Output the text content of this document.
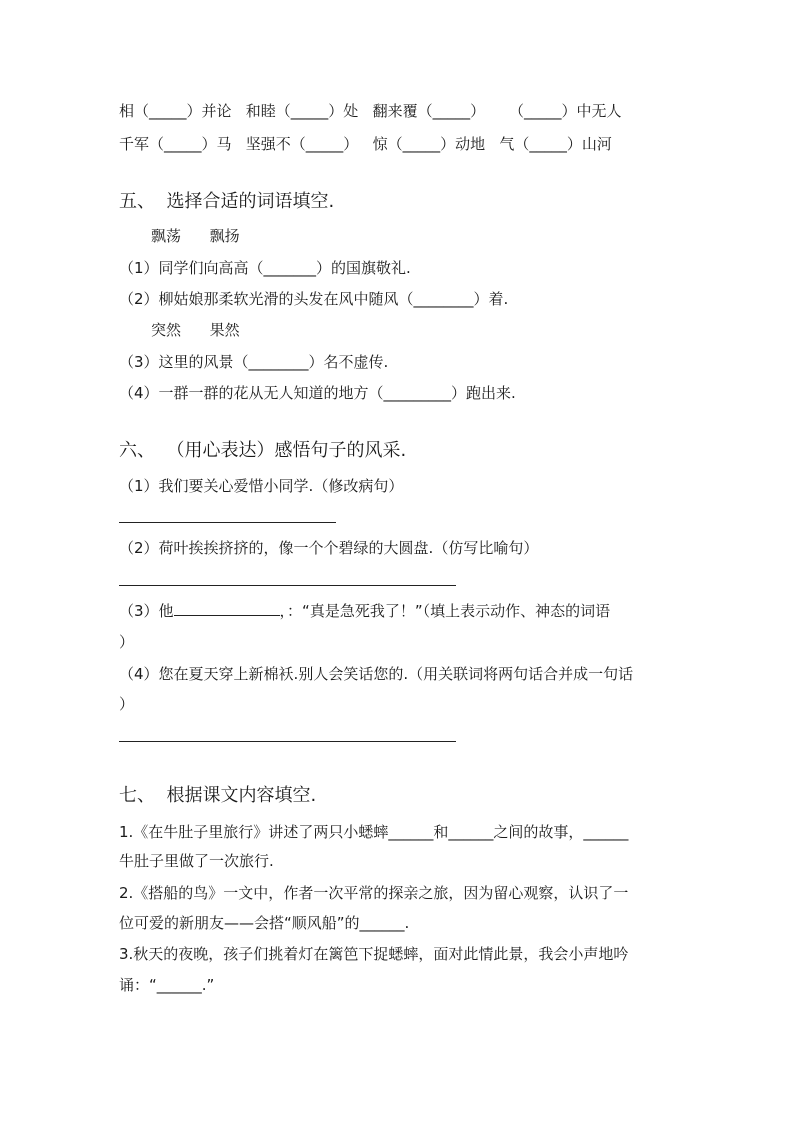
相（_____）并论   和睦（_____）处   翻来覆（_____）     （_____）中无人
千军（_____）马   坚强不（_____）   惊（_____）动地   气（_____）山河
五、  选择合适的词语填空.
飘荡      飘扬
（1）同学们向高高（_______）的国旗敬礼.
（2）柳姑娘那柔软光滑的头发在风中随风（________）着.
突然      果然
（3）这里的风景（________）名不虚传.
（4）一群一群的花从无人知道的地方（_________）跑出来.
六、  （用心表达）感悟句子的风采.
（1）我们要关心爱惜小同学.（修改病句）
（2）荷叶挨挨挤挤的，像一个个碧绿的大圆盘.（仿写比喻句）
（3）他	，：“真是急死我了！”（填上表示动作、神态的词语
）
（4）您在夏天穿上新棉袄.别人会笑话您的.（用关联词将两句话合并成一句话
）
七、  根据课文内容填空.
1.《在牛肚子里旅行》讲述了两只小蟋蟀______和______之间的故事，______
牛肚子里做了一次旅行.
2.《搭船的鸟》一文中，作者一次平常的探亲之旅，因为留心观察，认识了一
位可爱的新朋友——会搭“顺风船”的______.
3.秋天的夜晚，孩子们挑着灯在篱笆下捉蟋蟀，面对此情此景，我会小声地吟
诵：“______.”
